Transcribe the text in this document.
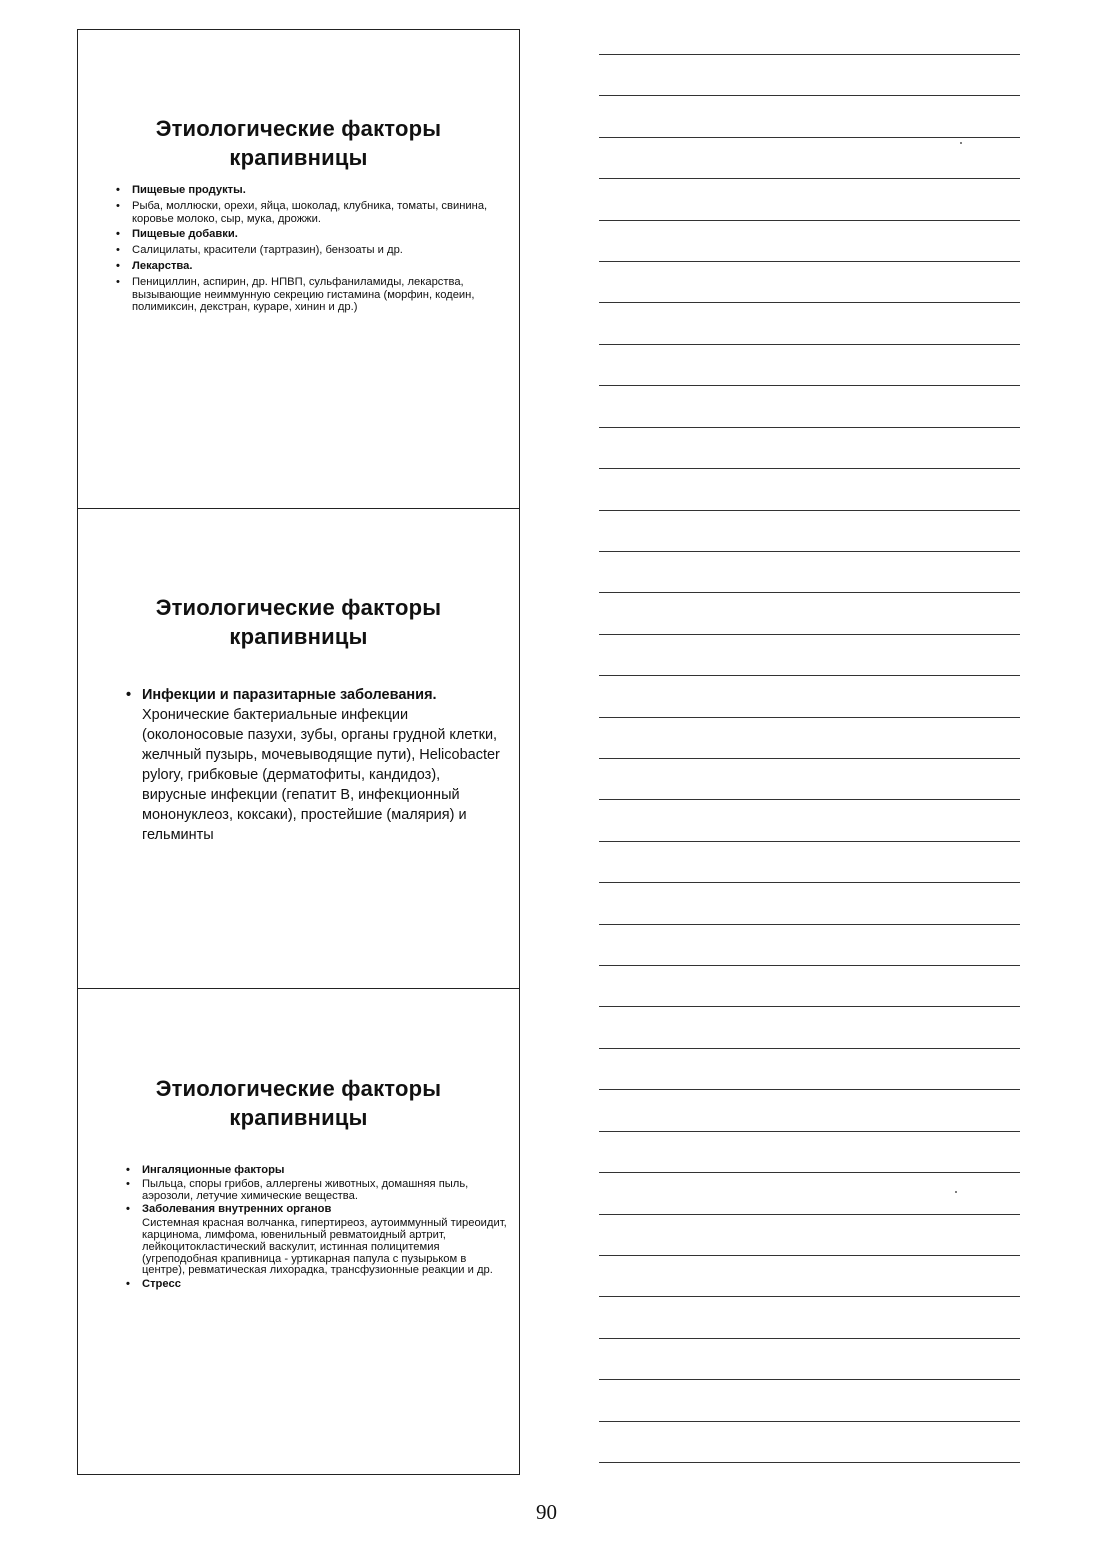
Этиологические факторы
крапивницы
• Пищевые продукты.
• Рыба, моллюски, орехи, яйца, шоколад, клубника, томаты, свинина, коровье молоко, сыр, мука, дрожжи.
• Пищевые добавки.
• Салицилаты, красители (тартразин), бензоаты и др.
• Лекарства.
• Пенициллин, аспирин, др. НПВП, сульфаниламиды, лекарства, вызывающие неиммунную секрецию гистамина (морфин, кодеин, полимиксин, декстран, кураре, хинин и др.)
Этиологические факторы
крапивницы
• Инфекции и паразитарные заболевания.
Хронические бактериальные инфекции (околоносовые пазухи, зубы, органы грудной клетки, желчный пузырь, мочевыводящие пути), Helicobacter pylory, грибковые (дерматофиты, кандидоз), вирусные инфекции (гепатит В, инфекционный мононуклеоз, коксаки), простейшие (малярия) и гельминты
Этиологические факторы
крапивницы
• Ингаляционные факторы
• Пыльца, споры грибов, аллергены животных, домашняя пыль, аэрозоли, летучие химические вещества.
• Заболевания внутренних органов
Системная красная волчанка, гипертиреоз, аутоиммунный тиреоидит, карцинома, лимфома, ювенильный ревматоидный артрит, лейкоцитокластический васкулит, истинная полицитемия (угреподобная крапивница - уртикарная папула с пузырьком в центре), ревматическая лихорадка, трансфузионные реакции и др.
• Стресс
90
